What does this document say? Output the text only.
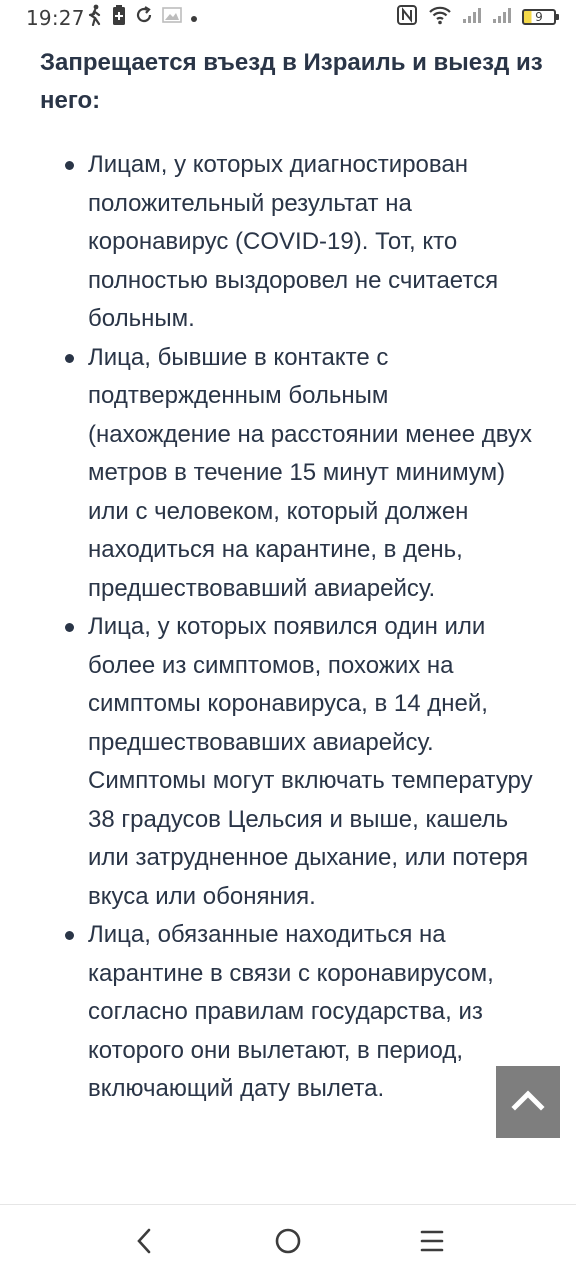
19:27	9
Запрещается въезд в Израиль и выезд из него:
Лицам, у которых диагностирован положительный результат на коронавирус (COVID-19). Тот, кто полностью выздоровел не считается больным.
Лица, бывшие в контакте с подтвержденным больным (нахождение на расстоянии менее двух метров в течение 15 минут минимум) или с человеком, который должен находиться на карантине, в день, предшествовавший авиарейсу.
Лица, у которых появился один или более из симптомов, похожих на симптомы коронавируса, в 14 дней, предшествовавших авиарейсу. Симптомы могут включать температуру 38 градусов Цельсия и выше, кашель или затрудненное дыхание, или потеря вкуса или обоняния.
Лица, обязанные находиться на карантине в связи с коронавирусом, согласно правилам государства, из которого они вылетают, в период, включающий дату вылета.
